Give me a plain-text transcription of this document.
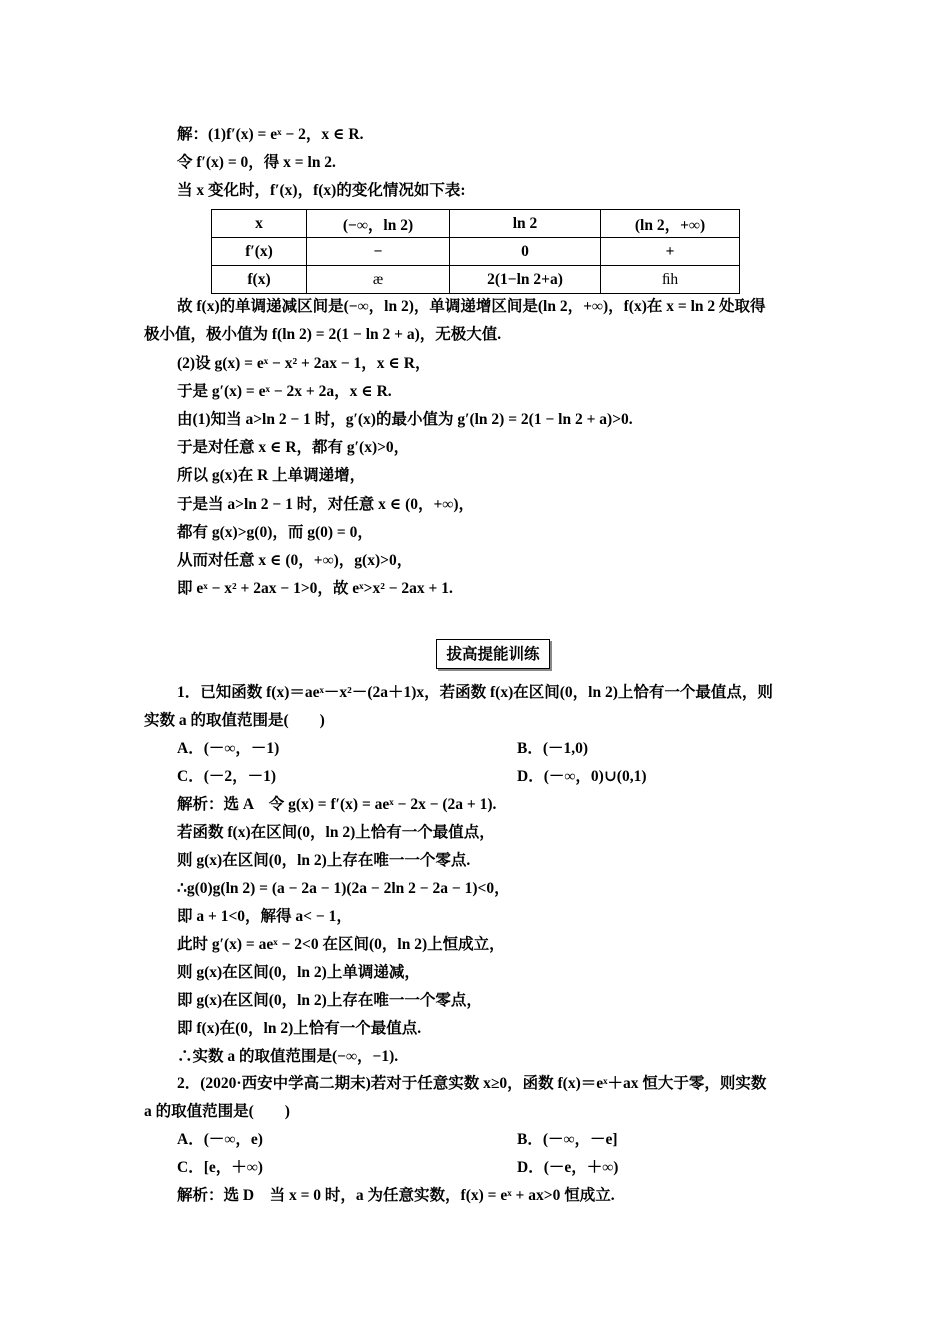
解：(1)f′(x) = eˣ − 2，x ∈ R.
令 f′(x) = 0，得 x = ln 2.
当 x 变化时，f′(x)，f(x)的变化情况如下表:
x	(−∞，ln 2)	ln 2	(ln 2，+∞)
f′(x)	−	0	+
f(x)	æ	2(1−ln 2+a)	ﬁh
故 f(x)的单调递减区间是(−∞，ln 2)，单调递增区间是(ln 2，+∞)，f(x)在 x = ln 2 处取得
极小值，极小值为 f(ln 2) = 2(1 − ln 2 + a)，无极大值.
(2)设 g(x) = eˣ − x² + 2ax − 1，x ∈ R，
于是 g′(x) = eˣ − 2x + 2a，x ∈ R.
由(1)知当 a>ln 2 − 1 时，g′(x)的最小值为 g′(ln 2) = 2(1 − ln 2 + a)>0.
于是对任意 x ∈ R，都有 g′(x)>0，
所以 g(x)在 R 上单调递增，
于是当 a>ln 2 − 1 时，对任意 x ∈ (0，+∞)，
都有 g(x)>g(0)，而 g(0) = 0，
从而对任意 x ∈ (0，+∞)，g(x)>0，
即 eˣ − x² + 2ax − 1>0，故 eˣ>x² − 2ax + 1.
拔高提能训练
1．已知函数 f(x)＝aeˣ－x²－(2a＋1)x，若函数 f(x)在区间(0，ln 2)上恰有一个最值点，则
实数 a 的取值范围是(　　)
A．(－∞，－1)	B．(－1,0)
C．(－2，－1)	D．(－∞，0)∪(0,1)
解析：选 A　令 g(x) = f′(x) = aeˣ − 2x − (2a + 1).
若函数 f(x)在区间(0，ln 2)上恰有一个最值点，
则 g(x)在区间(0，ln 2)上存在唯一一个零点.
∴g(0)g(ln 2) = (a − 2a − 1)(2a − 2ln 2 − 2a − 1)<0，
即 a + 1<0，解得 a< − 1，
此时 g′(x) = aeˣ − 2<0 在区间(0，ln 2)上恒成立，
则 g(x)在区间(0，ln 2)上单调递减，
即 g(x)在区间(0，ln 2)上存在唯一一个零点，
即 f(x)在(0，ln 2)上恰有一个最值点.
∴实数 a 的取值范围是(−∞，−1).
2．(2020·西安中学高二期末)若对于任意实数 x≥0，函数 f(x)＝eˣ＋ax 恒大于零，则实数
a 的取值范围是(　　)
A．(－∞，e)	B．(－∞，－e]
C．[e，＋∞)	D．(－e，＋∞)
解析：选 D　当 x = 0 时，a 为任意实数，f(x) = eˣ + ax>0 恒成立.
